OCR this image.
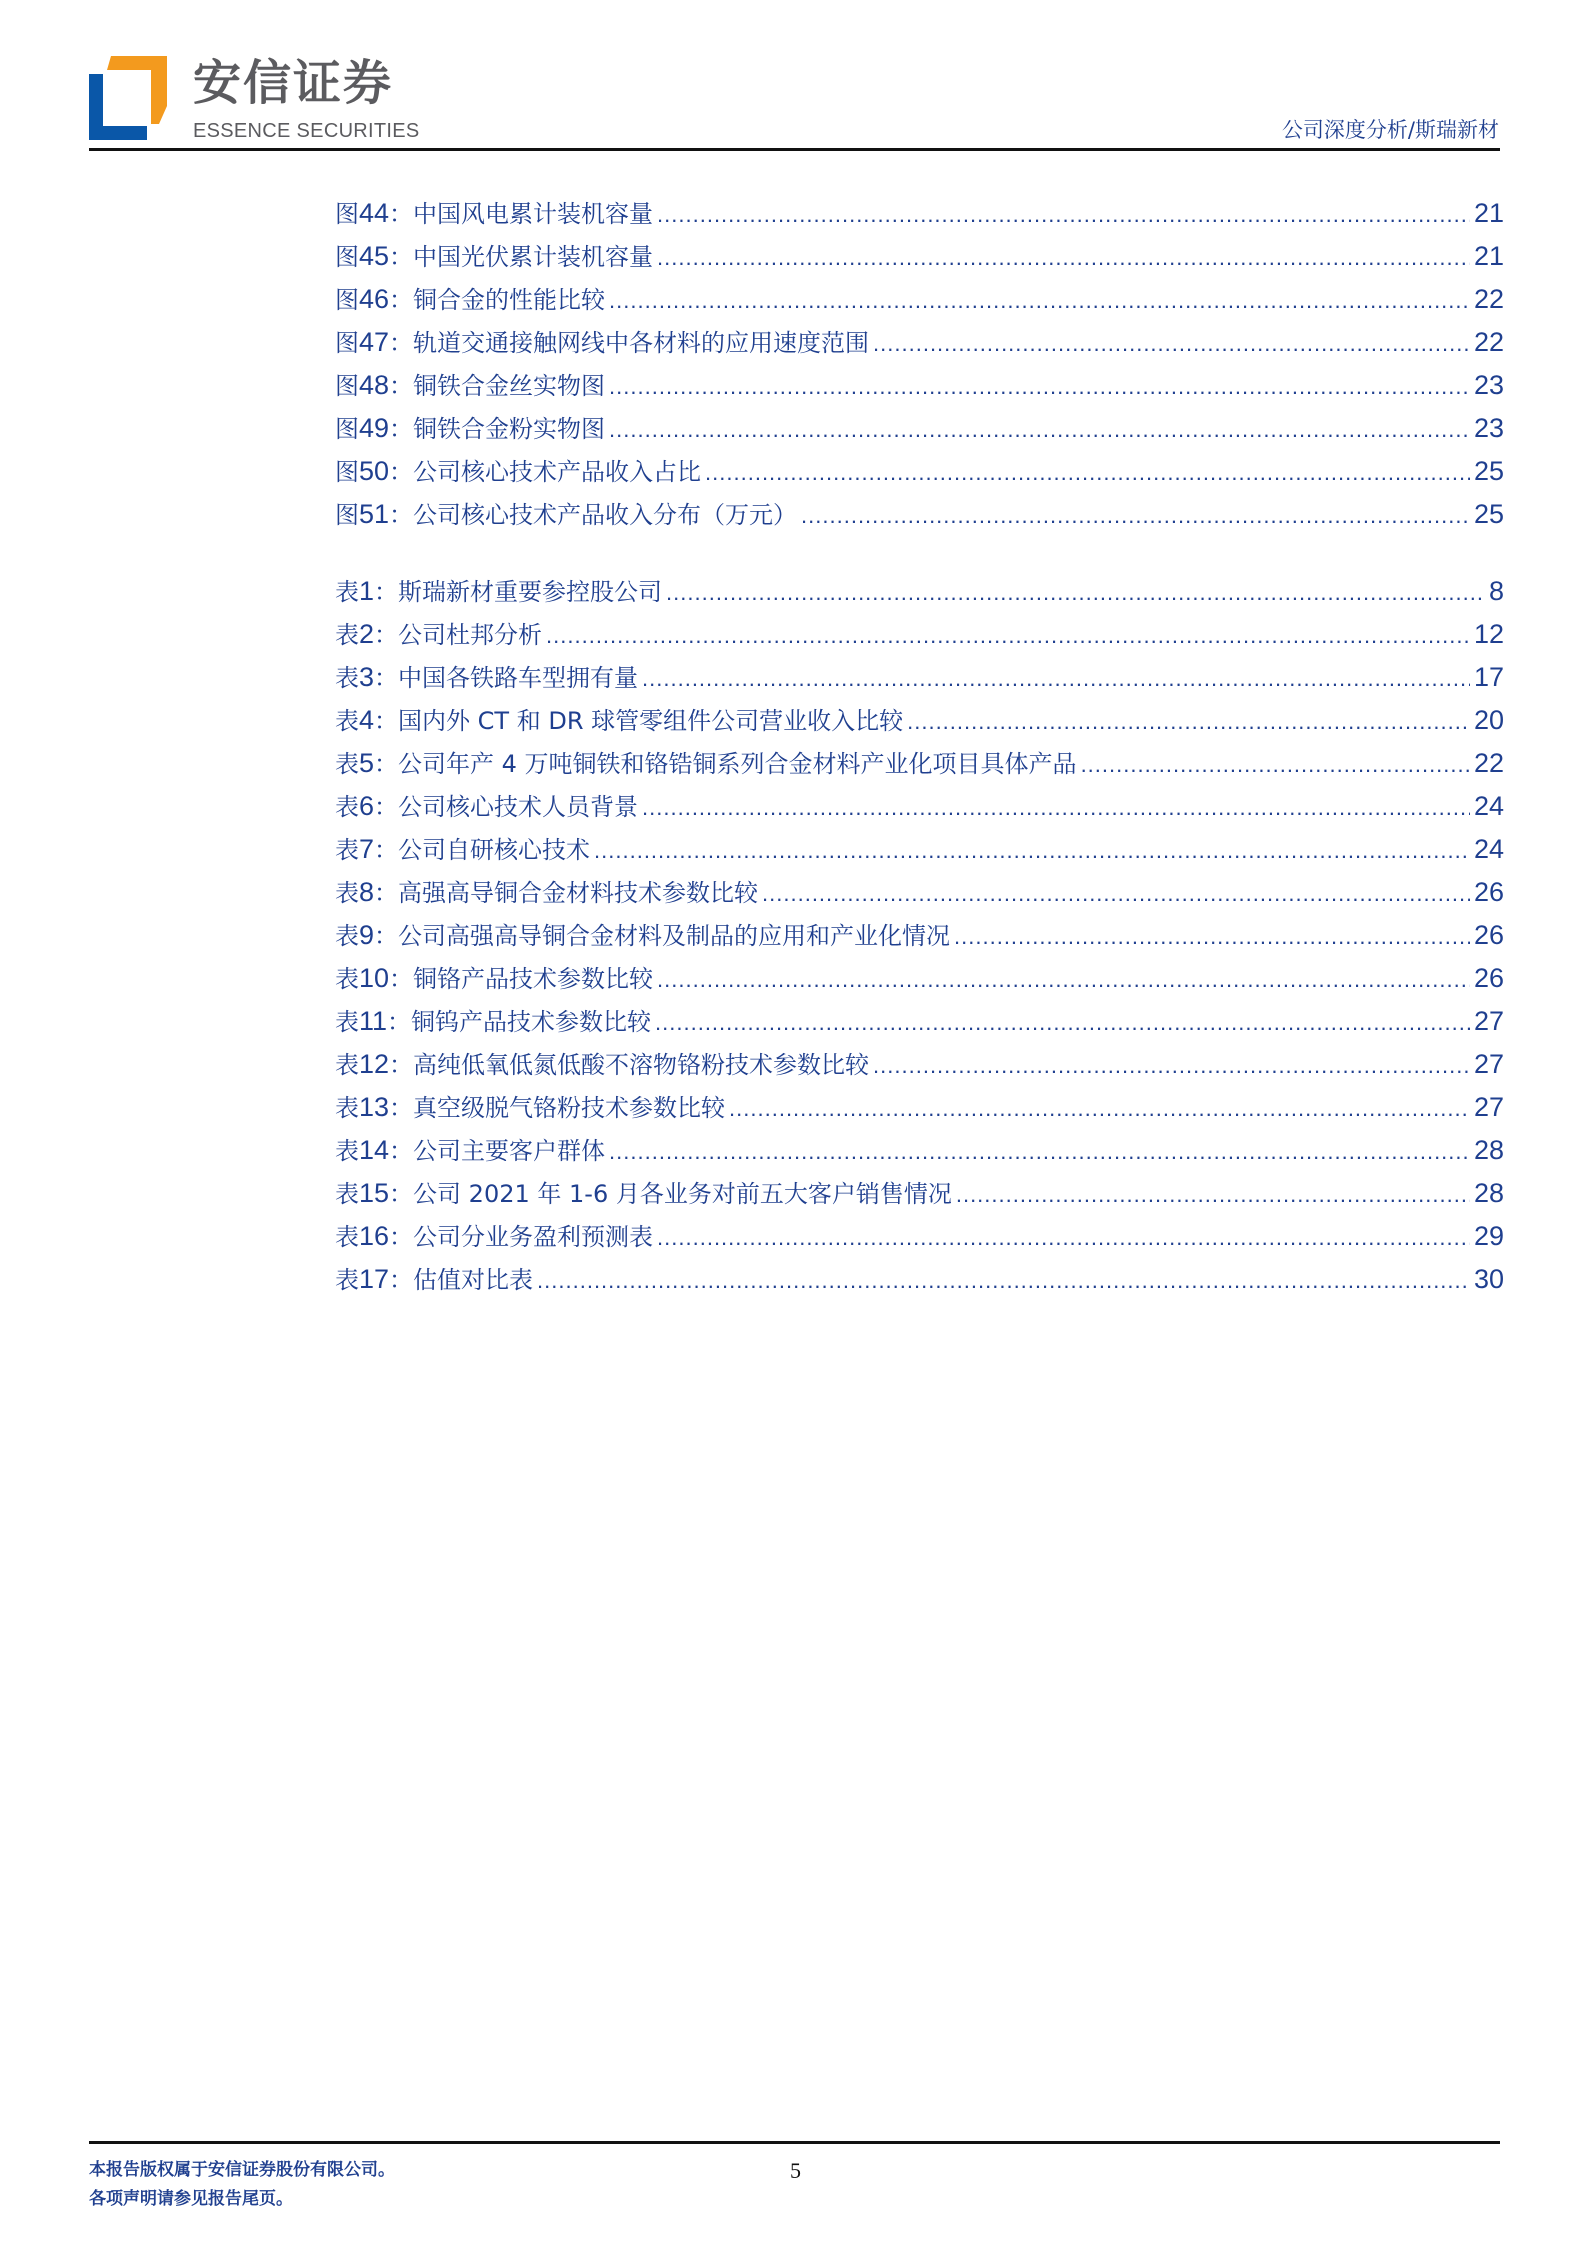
安信证券
ESSENCE SECURITIES	公司深度分析/斯瑞新材
图 44 ：中国风电累计装机容量 .....	21
图 45 ：中国光伏累计装机容量 .....	21
图 46 ：铜合金的性能比较 .....	22
图 47 ：轨道交通接触网线中各材料的应用速度范围 .....	22
图 48 ：铜铁合金丝实物图 .....	23
图 49 ：铜铁合金粉实物图 .....	23
图 50 ：公司核心技术产品收入占比 .....	25
图 51 ：公司核心技术产品收入分布（万元） .....	25
表 1 ：斯瑞新材重要参控股公司 .....	8
表 2 ：公司杜邦分析 .....	12
表 3 ：中国各铁路车型拥有量 .....	17
表 4 ：国内外 CT 和 DR 球管零组件公司营业收入比较 .....	20
表 5 ：公司年产 4 万吨铜铁和铬锆铜系列合金材料产业化项目具体产品 .....	22
表 6 ：公司核心技术人员背景 .....	24
表 7 ：公司自研核心技术 .....	24
表 8 ：高强高导铜合金材料技术参数比较 .....	26
表 9 ：公司高强高导铜合金材料及制品的应用和产业化情况 .....	26
表 10 ：铜铬产品技术参数比较 .....	26
表 11 ：铜钨产品技术参数比较 .....	27
表 12 ：高纯低氧低氮低酸不溶物铬粉技术参数比较 .....	27
表 13 ：真空级脱气铬粉技术参数比较 .....	27
表 14 ：公司主要客户群体 .....	28
表 15 ：公司 2021 年 1-6 月各业务对前五大客户销售情况 .....	28
表 16 ：公司分业务盈利预测表 .....	29
表 17 ：估值对比表 .....	30
本报告版权属于安信证券股份有限公司。
各项声明请参见报告尾页。
5
